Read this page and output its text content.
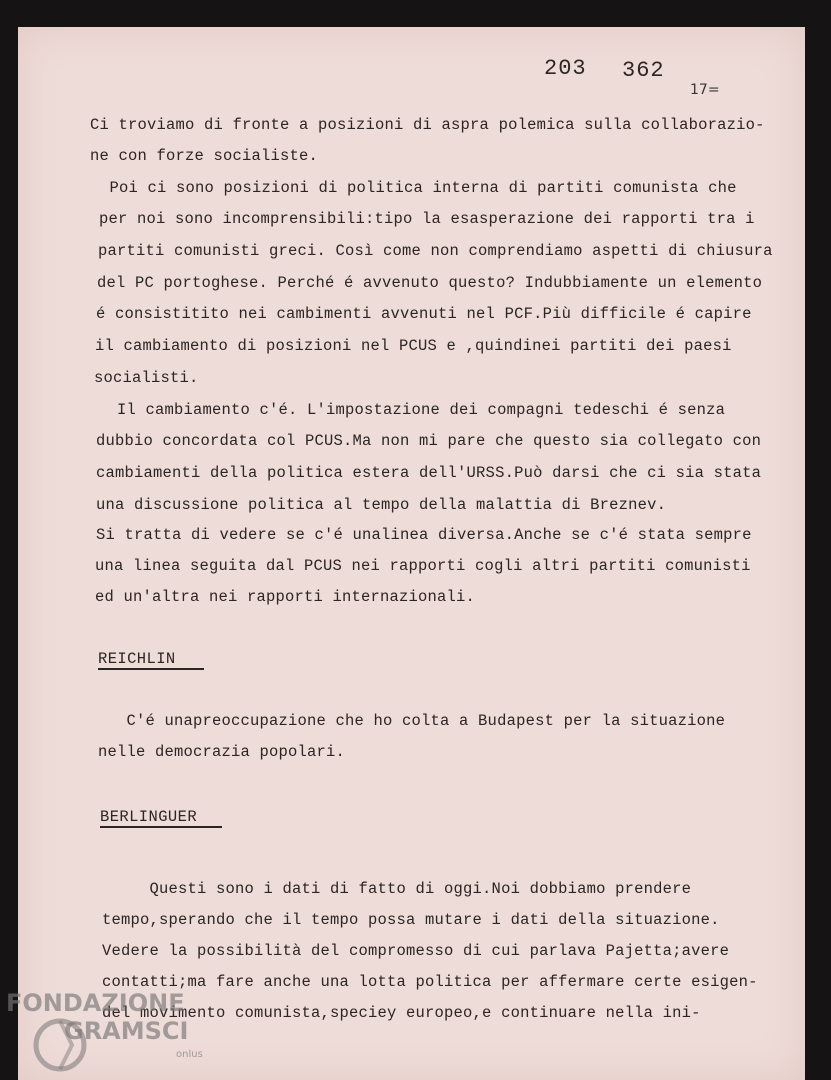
203 362
17=
Ci troviamo di fronte a posizioni di aspra polemica sulla collaborazio-
ne con forze socialiste.
Poi ci sono posizioni di politica interna di partiti comunista che
per noi sono incomprensibili:tipo la esasperazione dei rapporti tra i
partiti comunisti greci. Così come non comprendiamo aspetti di chiusura
del PC portoghese. Perché é avvenuto questo? Indubbiamente un elemento
é consistitito nei cambimenti avvenuti nel PCF.Più difficile é capire
il cambiamento di posizioni nel PCUS e ,quindinei partiti dei paesi
socialisti.
Il cambiamento c'é. L'impostazione dei compagni tedeschi é senza
dubbio concordata col PCUS.Ma non mi pare che questo sia collegato con
cambiamenti della politica estera dell'URSS.Può darsi che ci sia stata
una discussione politica al tempo della malattia di Breznev.
Si tratta di vedere se c'é unalinea diversa.Anche se c'é stata sempre
una linea seguita dal PCUS nei rapporti cogli altri partiti comunisti
ed un'altra nei rapporti internazionali.
REICHLIN
C'é unapreoccupazione che ho colta a Budapest per la situazione
nelle democrazia popolari.
BERLINGUER
Questi sono i dati di fatto di oggi.Noi dobbiamo prendere
tempo,sperando che il tempo possa mutare i dati della situazione.
Vedere la possibilità del compromesso di cui parlava Pajetta;avere
contatti;ma fare anche una lotta politica per affermare certe esigen-
del movimento comunista,speciey europeo,e continuare nella ini-
FONDAZIONE
GRAMSCI
onlus
